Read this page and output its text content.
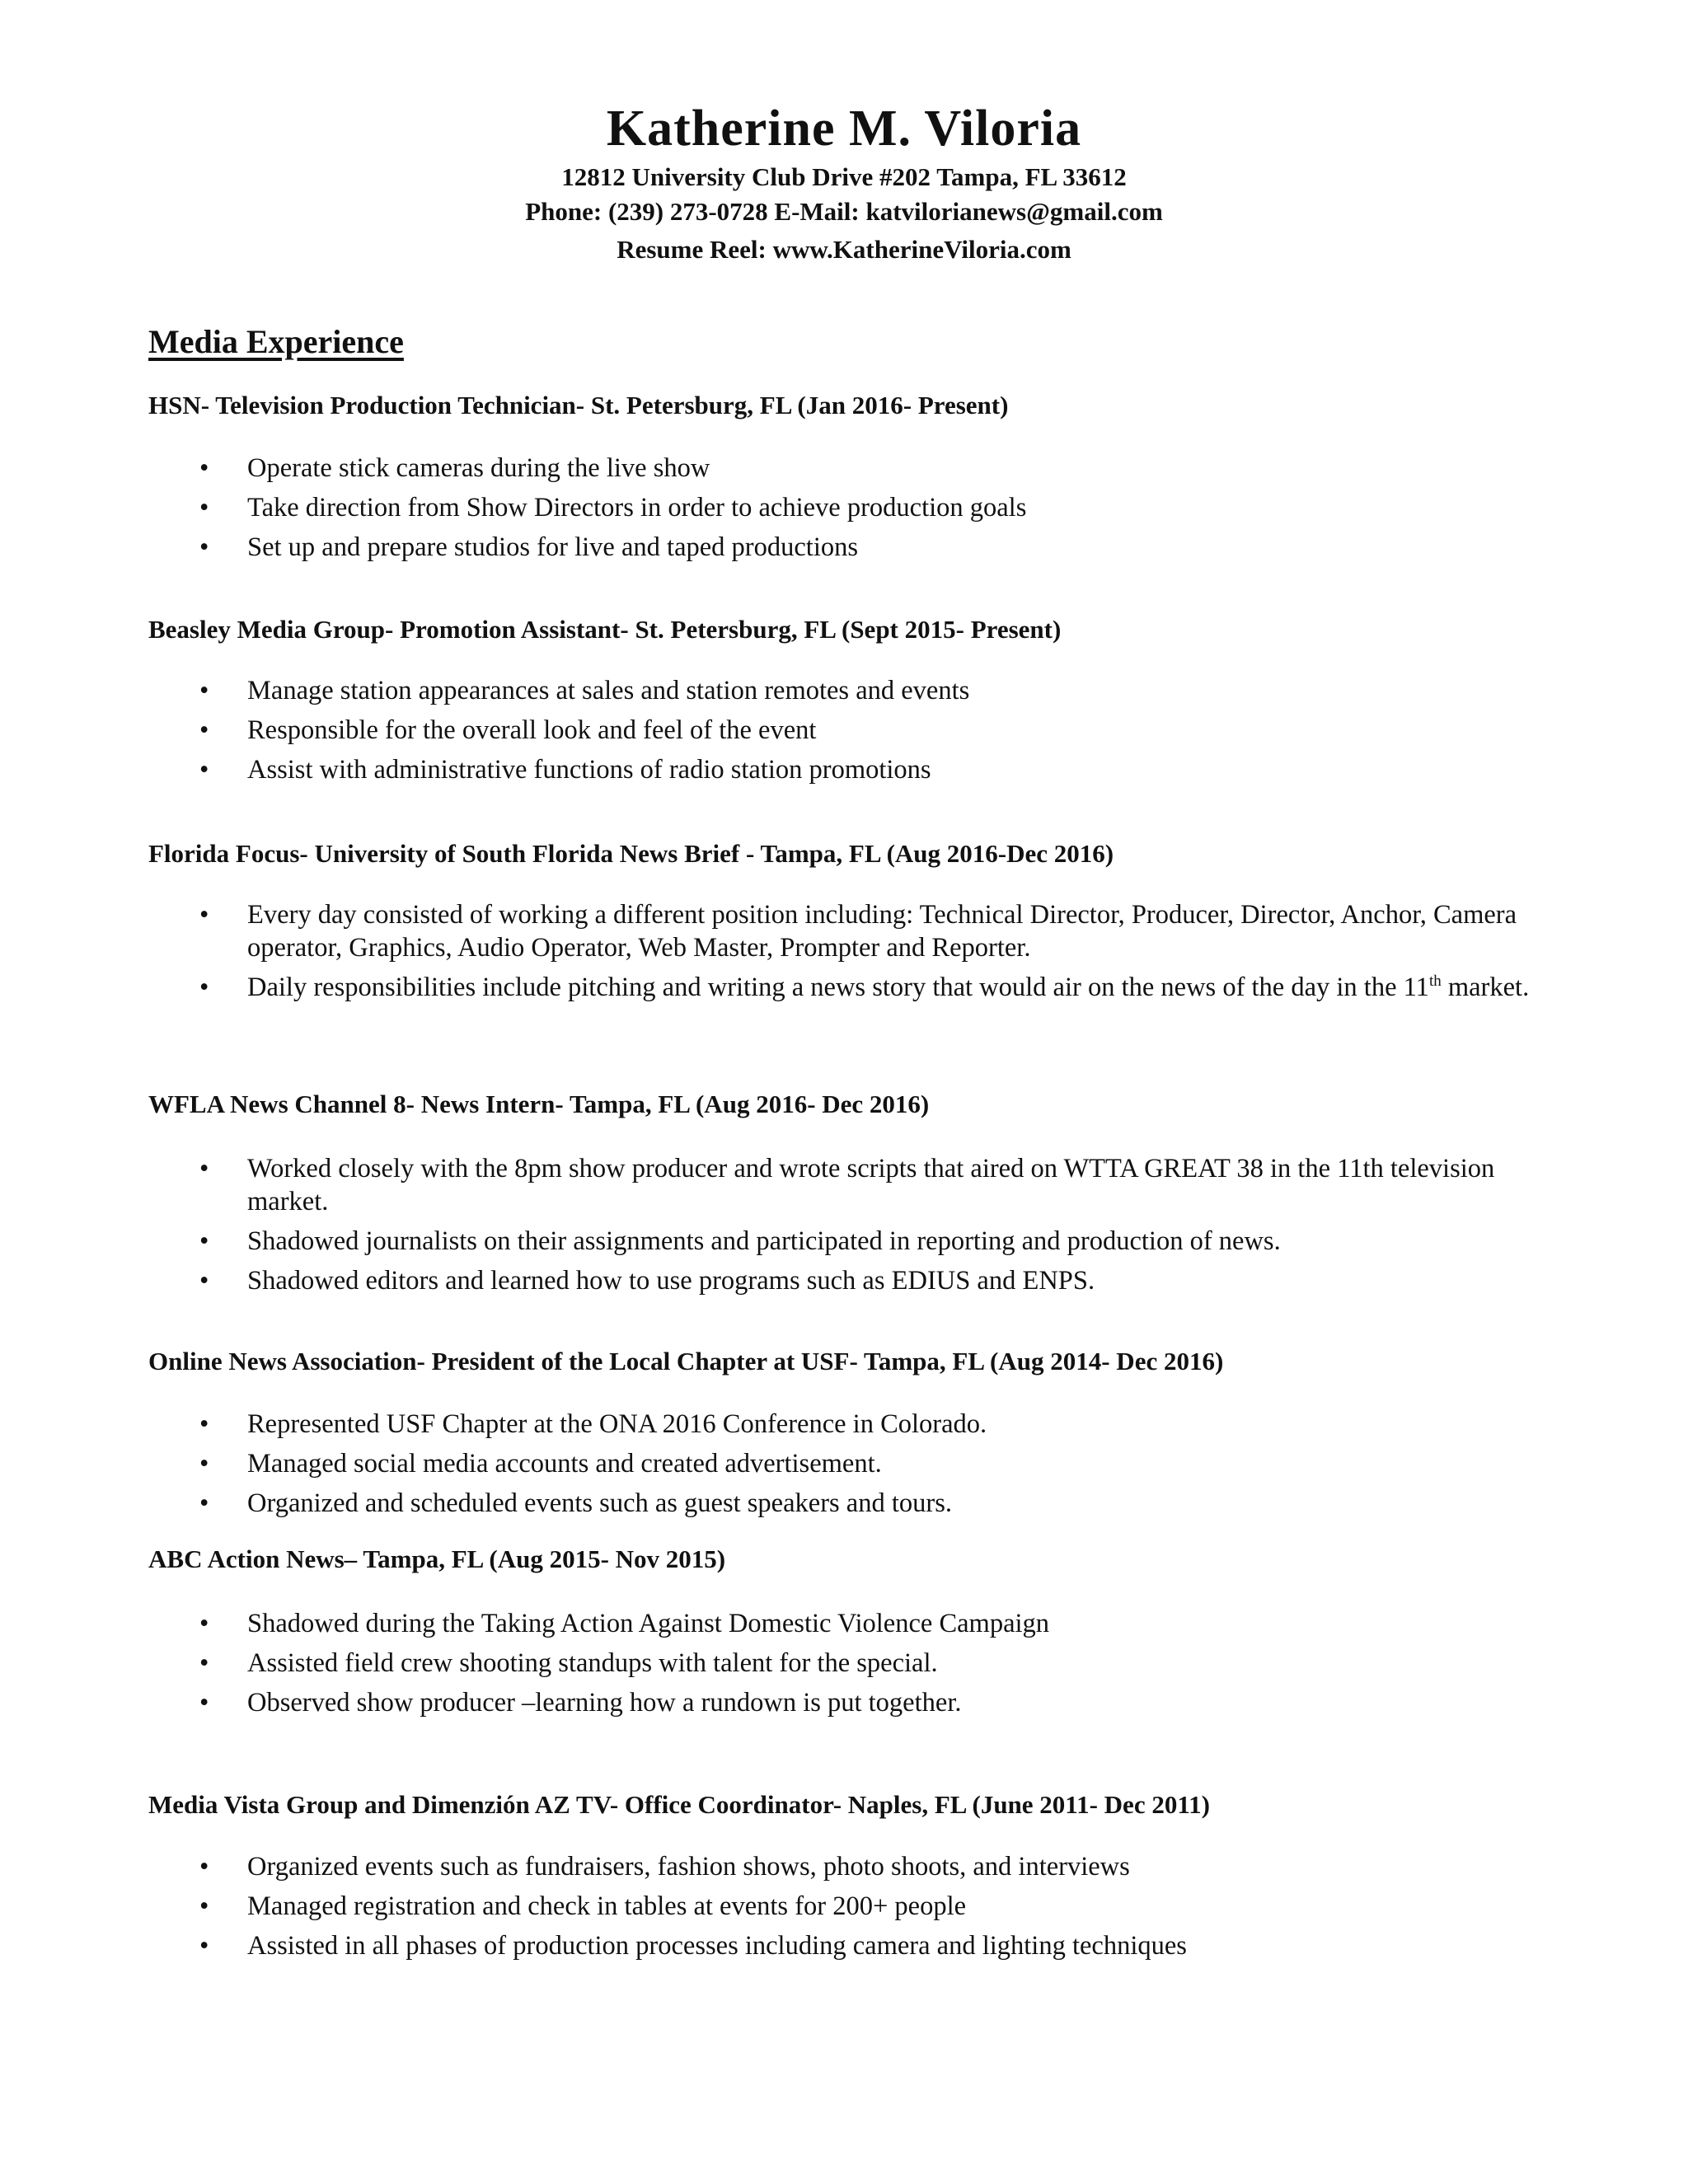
Katherine M. Viloria
12812 University Club Drive #202 Tampa, FL 33612
Phone: (239) 273-0728 E-Mail: katvilorianews@gmail.com
Resume Reel: www.KatherineViloria.com
Media Experience
HSN- Television Production Technician- St. Petersburg, FL (Jan 2016- Present)
• Operate stick cameras during the live show
• Take direction from Show Directors in order to achieve production goals
• Set up and prepare studios for live and taped productions
Beasley Media Group- Promotion Assistant- St. Petersburg, FL (Sept 2015- Present)
• Manage station appearances at sales and station remotes and events
• Responsible for the overall look and feel of the event
• Assist with administrative functions of radio station promotions
Florida Focus- University of South Florida News Brief - Tampa, FL (Aug 2016-Dec 2016)
• Every day consisted of working a different position including: Technical Director, Producer, Director, Anchor, Camera operator, Graphics, Audio Operator, Web Master, Prompter and Reporter.
• Daily responsibilities include pitching and writing a news story that would air on the news of the day in the 11th market.
WFLA News Channel 8- News Intern- Tampa, FL (Aug 2016- Dec 2016)
• Worked closely with the 8pm show producer and wrote scripts that aired on WTTA GREAT 38 in the 11th television market.
• Shadowed journalists on their assignments and participated in reporting and production of news.
• Shadowed editors and learned how to use programs such as EDIUS and ENPS.
Online News Association- President of the Local Chapter at USF- Tampa, FL (Aug 2014- Dec 2016)
• Represented USF Chapter at the ONA 2016 Conference in Colorado.
• Managed social media accounts and created advertisement.
• Organized and scheduled events such as guest speakers and tours.
ABC Action News– Tampa, FL (Aug 2015- Nov 2015)
• Shadowed during the Taking Action Against Domestic Violence Campaign
• Assisted field crew shooting standups with talent for the special.
• Observed show producer –learning how a rundown is put together.
Media Vista Group and Dimenzión AZ TV- Office Coordinator- Naples, FL (June 2011- Dec 2011)
• Organized events such as fundraisers, fashion shows, photo shoots, and interviews
• Managed registration and check in tables at events for 200+ people
• Assisted in all phases of production processes including camera and lighting techniques
